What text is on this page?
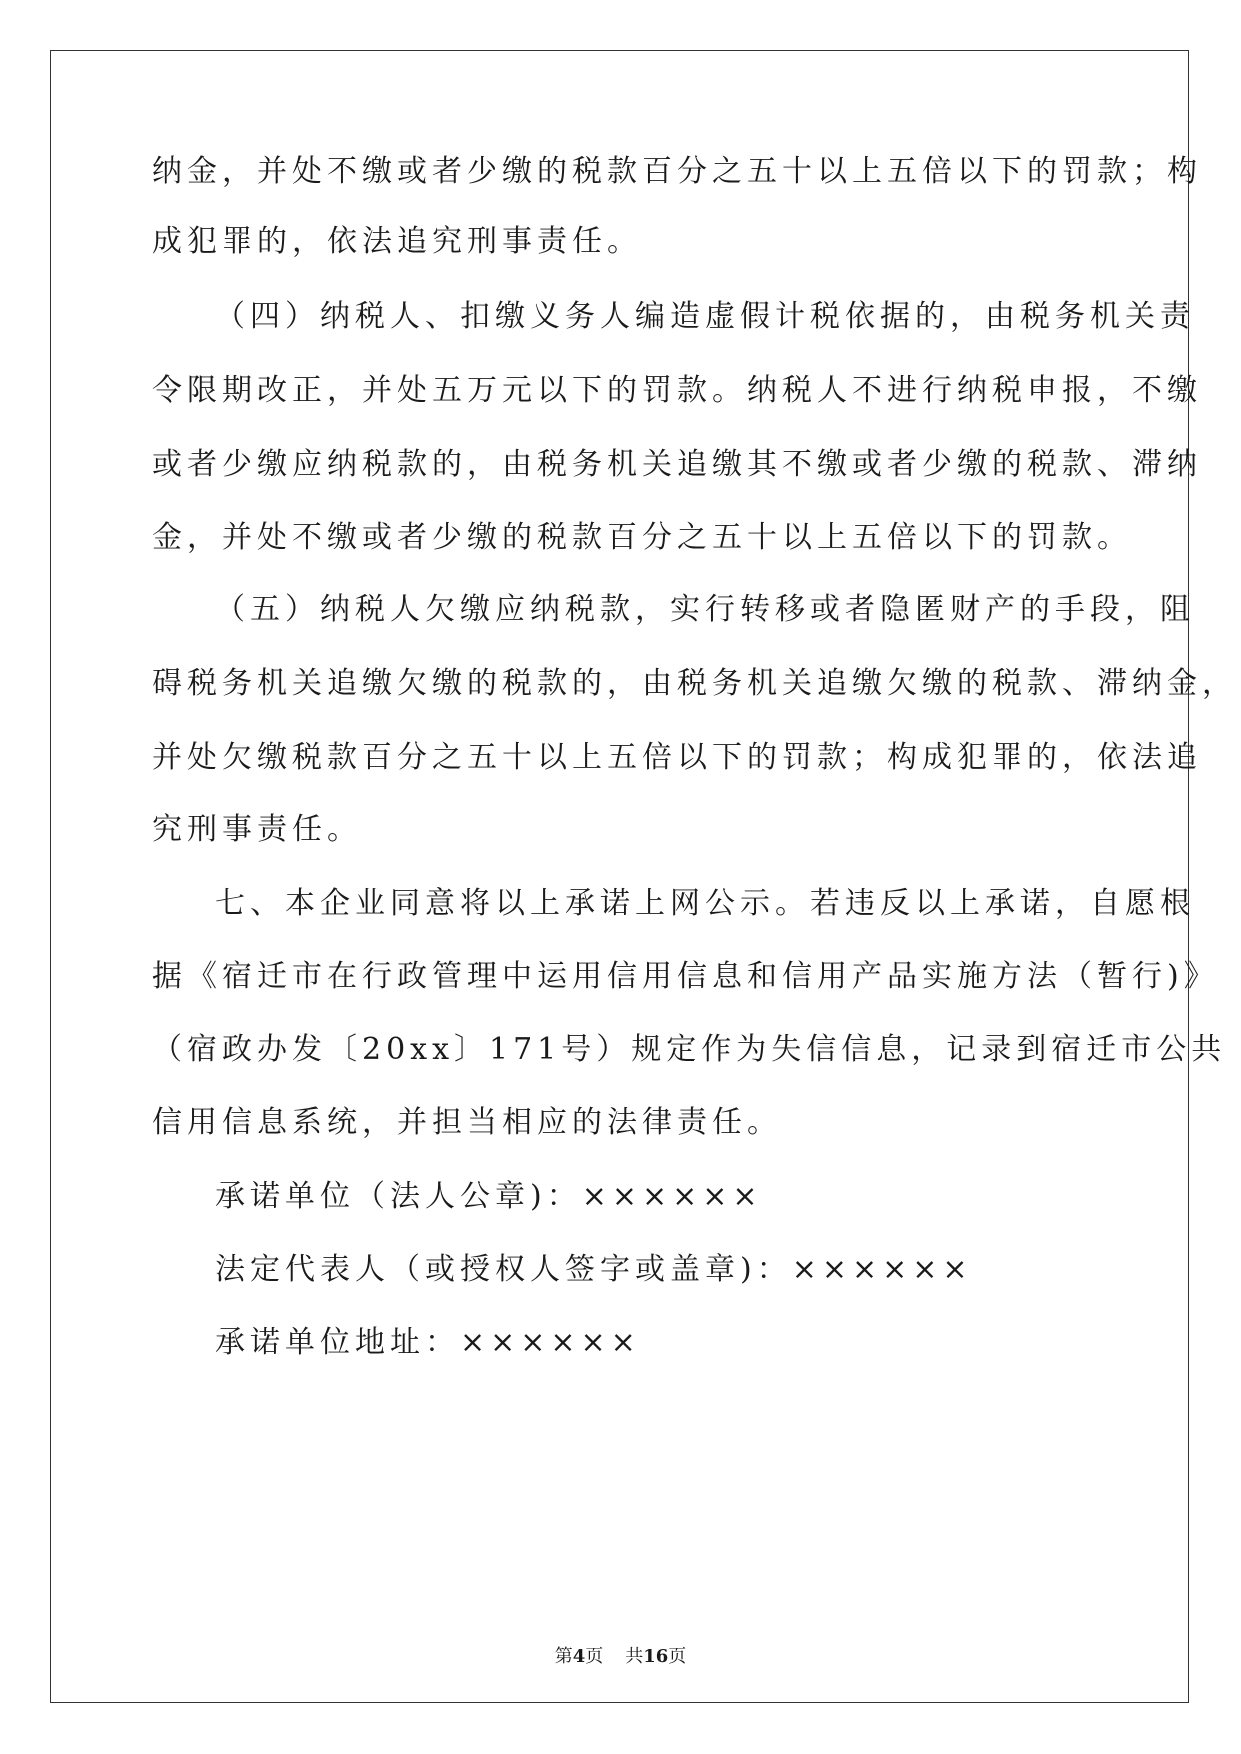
纳金，并处不缴或者少缴的税款百分之五十以上五倍以下的罚款；构
成犯罪的，依法追究刑事责任。
（四）纳税人、扣缴义务人编造虚假计税依据的，由税务机关责
令限期改正，并处五万元以下的罚款。纳税人不进行纳税申报，不缴
或者少缴应纳税款的，由税务机关追缴其不缴或者少缴的税款、滞纳
金，并处不缴或者少缴的税款百分之五十以上五倍以下的罚款。
（五）纳税人欠缴应纳税款，实行转移或者隐匿财产的手段，阻
碍税务机关追缴欠缴的税款的，由税务机关追缴欠缴的税款、滞纳金，
并处欠缴税款百分之五十以上五倍以下的罚款；构成犯罪的，依法追
究刑事责任。
七、本企业同意将以上承诺上网公示。若违反以上承诺，自愿根
据《宿迁市在行政管理中运用信用信息和信用产品实施方法（暂行)》
（宿政办发〔20xx〕171号）规定作为失信信息，记录到宿迁市公共
信用信息系统，并担当相应的法律责任。
承诺单位（法人公章)：××××××
法定代表人（或授权人签字或盖章)：××××××
承诺单位地址：××××××
第4页 共16页
